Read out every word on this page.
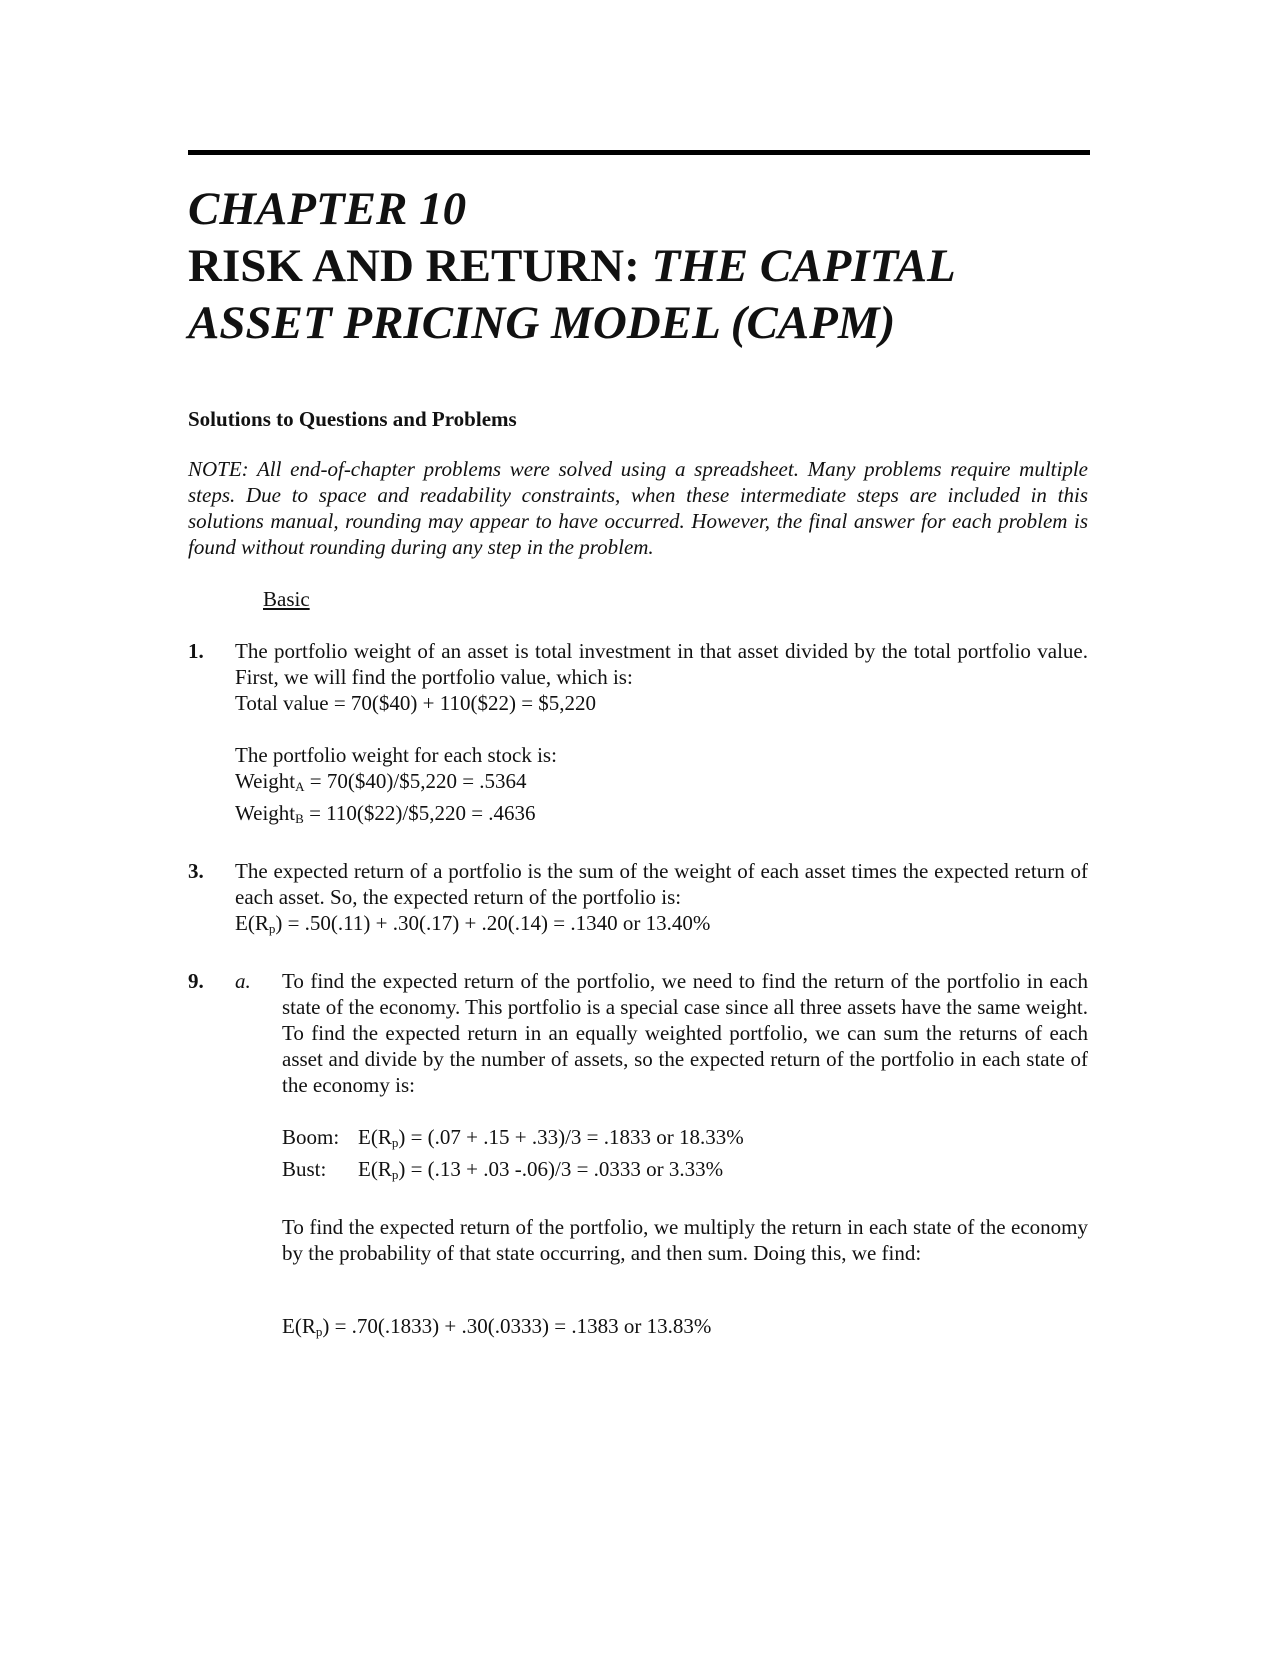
CHAPTER 10
RISK AND RETURN: THE CAPITAL
ASSET PRICING MODEL (CAPM)
Solutions to Questions and Problems

NOTE: All end-of-chapter problems were solved using a spreadsheet. Many problems require multiple steps. Due to space and readability constraints, when these intermediate steps are included in this solutions manual, rounding may appear to have occurred. However, the final answer for each problem is found without rounding during any step in the problem.

Basic
1. The portfolio weight of an asset is total investment in that asset divided by the total portfolio value. First, we will find the portfolio value, which is:

Total value = 70($40) + 110($22) = $5,220

The portfolio weight for each stock is:

Weight$_A$ = 70($40)/$5,220 = .5364

Weight$_B$ = 110($22)/$5,220 = .4636

3. The expected return of a portfolio is the sum of the weight of each asset times the expected return of each asset. So, the expected return of the portfolio is:

$E(R_p) = .50(.11) + .30(.17) + .20(.14) = .1340$ or 13.40%

9. a. To find the expected return of the portfolio, we need to find the return of the portfolio in each state of the economy. This portfolio is a special case since all three assets have the same weight. To find the expected return in an equally weighted portfolio, we can sum the returns of each asset and divide by the number of assets, so the expected return of the portfolio in each state of the economy is:

Boom: $E(R_p) = (.07 + .15 + .33)/3 = .1833$ or 18.33%
Bust:	$E(R_p) = (.13 + .03$ -.06)/3 = .0333 or 3.33%

To find the expected return of the portfolio, we multiply the return in each state of the economy by the probability of that state occurring, and then sum. Doing this, we find:

$E(R_p) = .70(.1833) + .30(.0333) = .1383$ or 13.83%
